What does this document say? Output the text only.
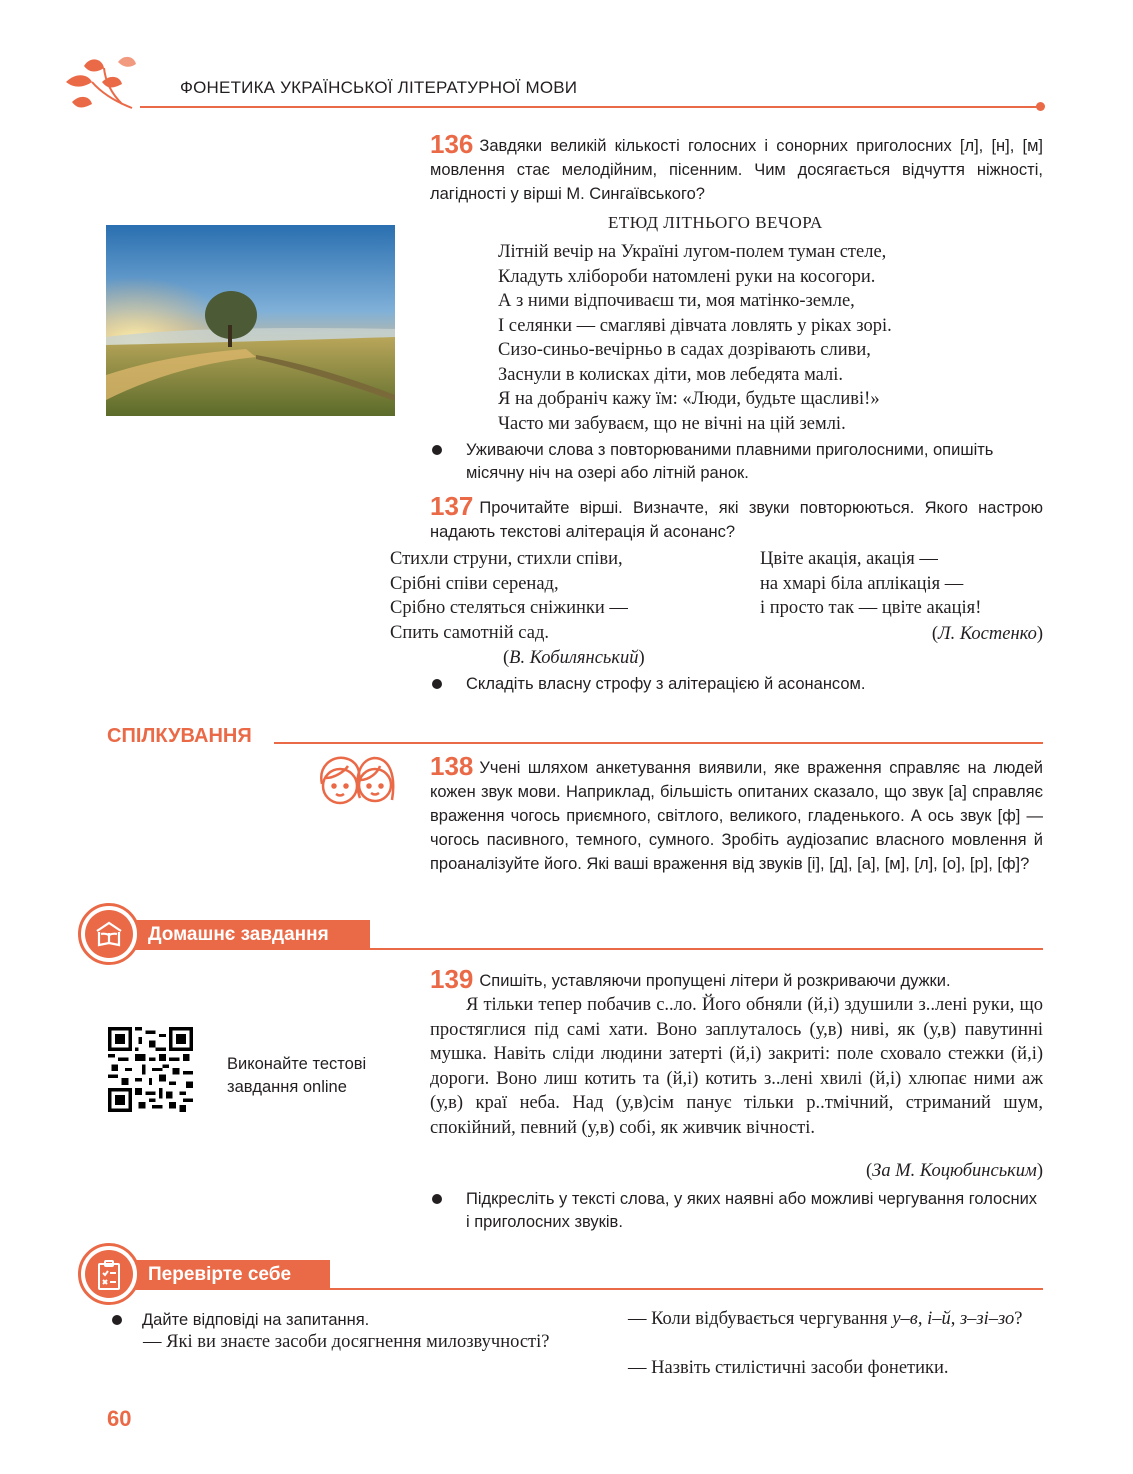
ФОНЕТИКА УКРАЇНСЬКОЇ ЛІТЕРАТУРНОЇ МОВИ
136 Завдяки великій кількості голосних і сонорних приголосних [л], [н], [м] мовлення стає мелодійним, пісенним. Чим досягається відчуття ніжності, лагідності у вірші М. Сингаївського?
ЕТЮД ЛІТНЬОГО ВЕЧОРА
Літній вечір на Україні лугом-полем туман стеле,
Кладуть хлібороби натомлені руки на косогори.
А з ними відпочиваєш ти, моя матінко-земле,
І селянки — смагляві дівчата ловлять у ріках зорі.
Сизо-синьо-вечірньо в садах дозрівають сливи,
Заснули в колисках діти, мов лебедята малі.
Я на добраніч кажу їм: «Люди, будьте щасливі!»
Часто ми забуваєм, що не вічні на цій землі.
Уживаючи слова з повторюваними плавними приголосними, опишіть місячну ніч на озері або літній ранок.
137 Прочитайте вірші. Визначте, які звуки повторюються. Якого настрою надають текстові алітерація й асонанс?
Стихли струни, стихли співи,
Срібні співи серенад,
Срібно стеляться сніжинки —
Спить самотній сад.
(В. Кобилянський)
Цвіте акація, акація —
на хмарі біла аплікація —
і просто так — цвіте акація!
(Л. Костенко)
Складіть власну строфу з алітерацією й асонансом.
СПІЛКУВАННЯ
138 Учені шляхом анкетування виявили, яке враження справляє на людей кожен звук мови. Наприклад, більшість опитаних сказало, що звук [а] справляє враження чогось приємного, світлого, великого, гладенького. А ось звук [ф] — чогось пасивного, темного, сумного. Зробіть аудіозапис власного мовлення й проаналізуйте його. Які ваші враження від звуків [і], [д], [а], [м], [л], [о], [р], [ф]?
Домашнє завдання
Виконайте тестові завдання online
139 Спишіть, уставляючи пропущені літери й розкриваючи дужки.
Я тільки тепер побачив с..ло. Його обняли (й,і) здушили з..лені руки, що простяглися під самі хати. Воно заплуталось (у,в) ниві, як (у,в) павутинні мушка. Навіть сліди людини затерті (й,і) закриті: поле сховало стежки (й,і) дороги. Воно лиш котить та (й,і) котить з..лені хвилі (й,і) хлюпає ними аж (у,в) краї неба. Над (у,в)сім панує тільки р..тмічний, стриманий шум, спокійний, певний (у,в) собі, як живчик вічності.
(За М. Коцюбинським)
Підкресліть у тексті слова, у яких наявні або можливі чергування голосних і приголосних звуків.
Перевірте себе
Дайте відповіді на запитання.
— Які ви знаєте засоби досягнення милозвучності?
— Коли відбувається чергування у–в, і–й, з–зі–зо?
— Назвіть стилістичні засоби фонетики.
60
